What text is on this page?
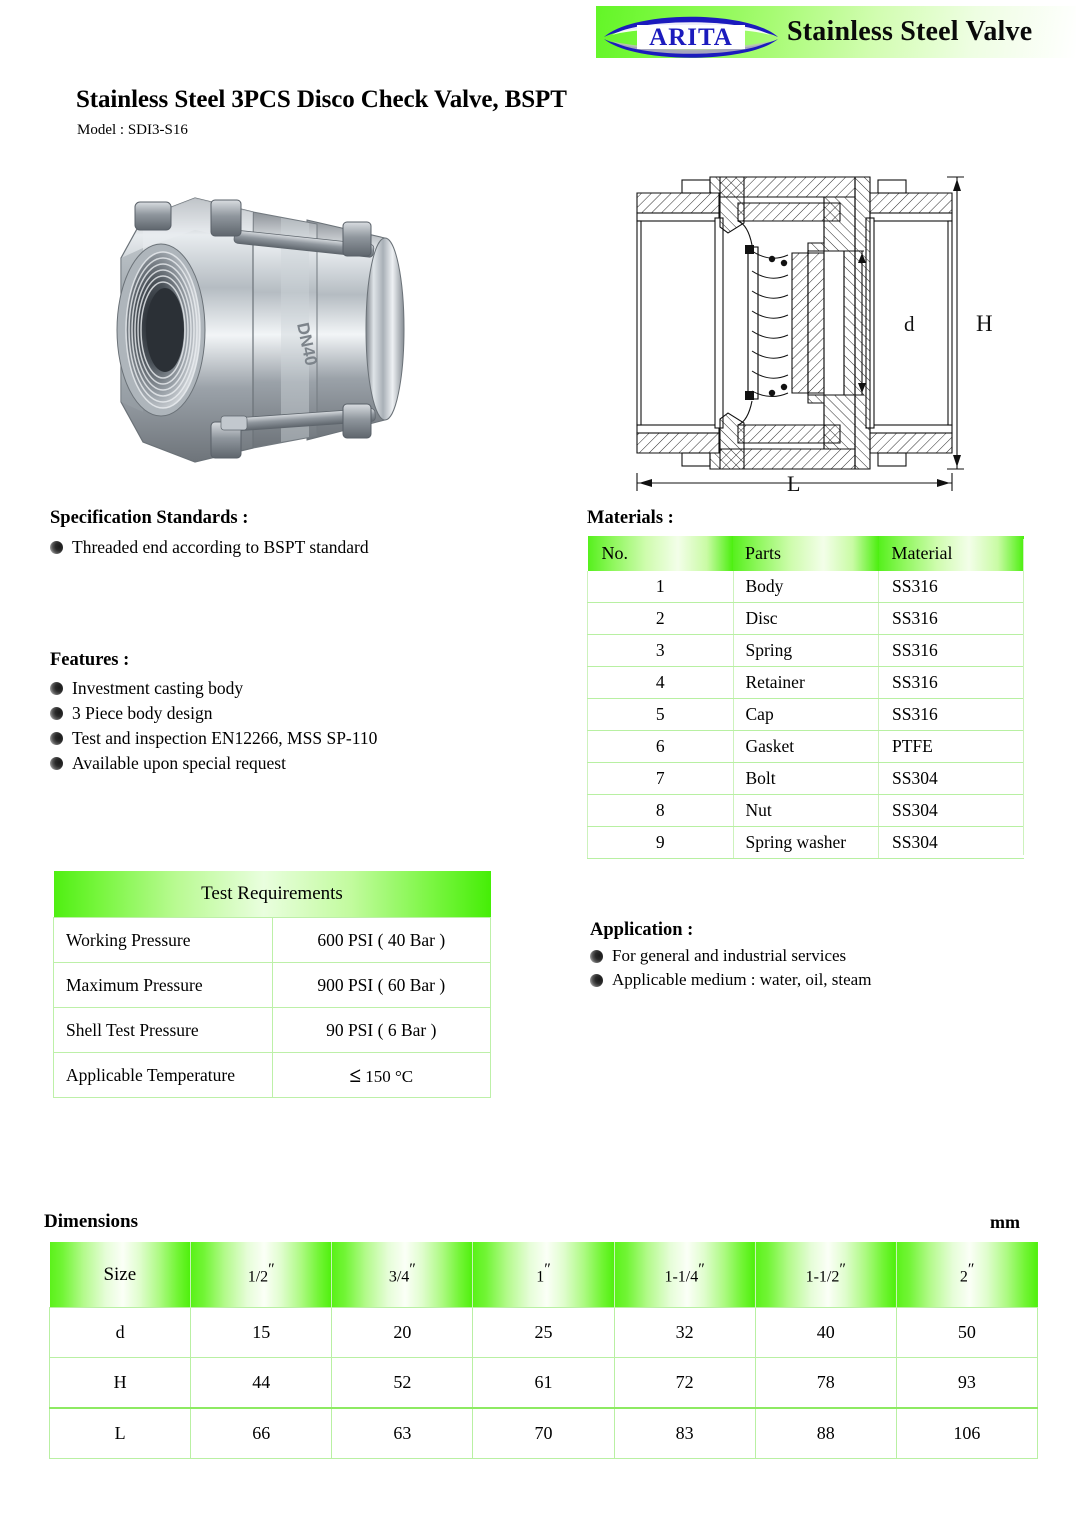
ARITA Stainless Steel Valve
Stainless Steel 3PCS Disco Check Valve, BSPT
Model : SDI3-S16
DN40	d	H
L
Specification Standards :
Threaded end according to BSPT standard
Features :
Investment casting body
3 Piece body design
Test and inspection EN12266, MSS SP-110
Available upon special request
Materials :
No.	Parts	Material
1	Body	SS316
2	Disc	SS316
3	Spring	SS316
4	Retainer	SS316
5	Cap	SS316
6	Gasket	PTFE
7	Bolt	SS304
8	Nut	SS304
9	Spring washer	SS304
Test Requirements	
Working Pressure	600 PSI ( 40 Bar )
Maximum Pressure	900 PSI ( 60 Bar )
Shell Test Pressure	90 PSI ( 6 Bar )
Applicable Temperature	≤ 150 °C
Application :
For general and industrial services
Applicable medium : water, oil, steam
Dimensions	mm
Size	1/2″	3/4″	1″	1-1/4″	1-1/2″	2″
d	15	20	25	32	40	50
H	44	52	61	72	78	93
L	66	63	70	83	88	106
